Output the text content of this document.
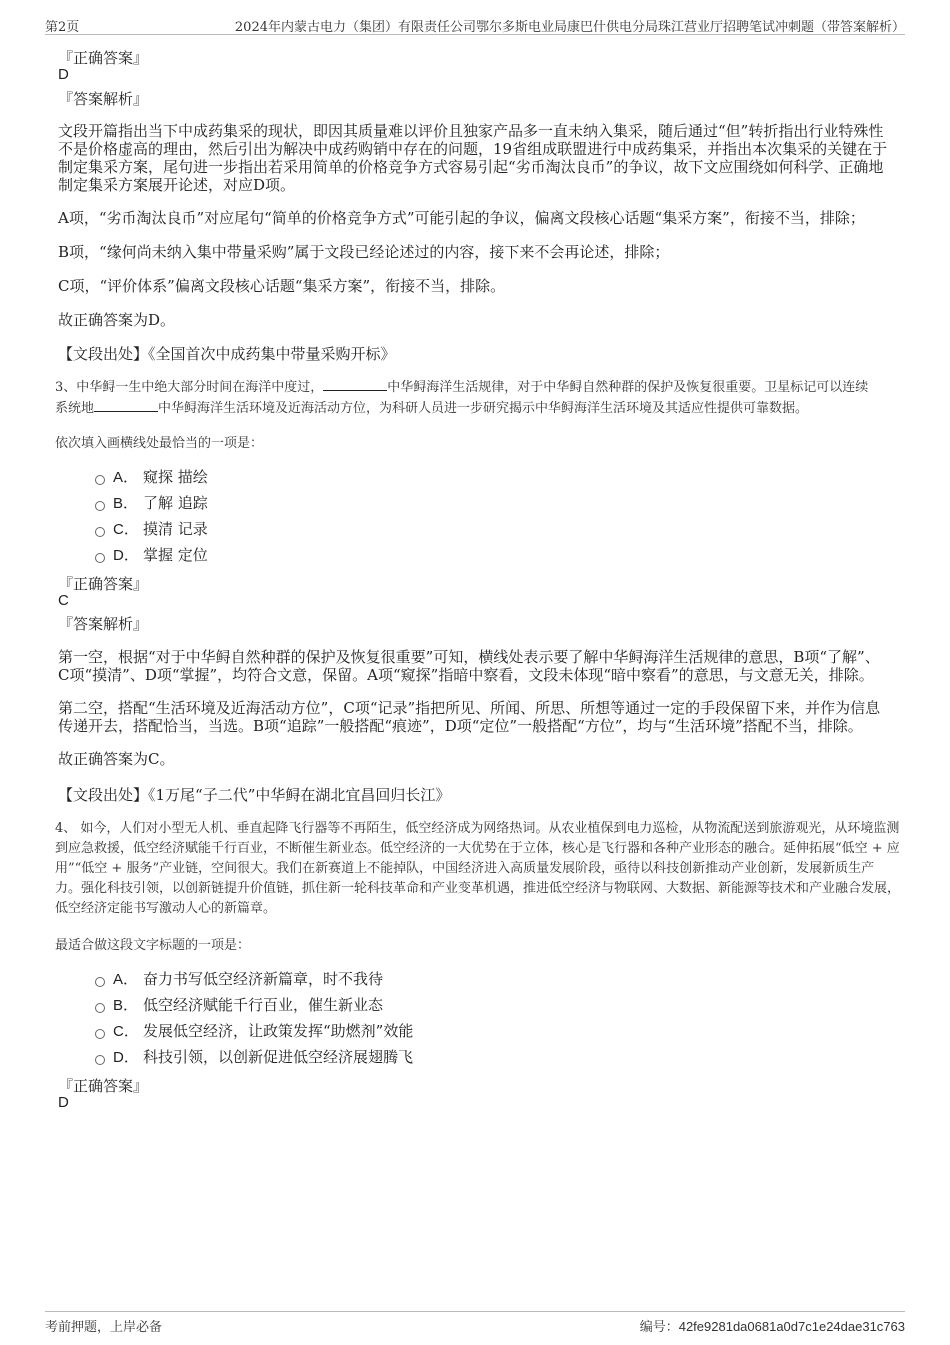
第2页	2024年内蒙古电力（集团）有限责任公司鄂尔多斯电业局康巴什供电分局珠江营业厅招聘笔试冲刺题（带答案解析）
『正确答案』
D
『答案解析』
文段开篇指出当下中成药集采的现状，即因其质量难以评价且独家产品多一直未纳入集采，随后通过“但”转折指出行业特殊性不是价格虚高的理由，然后引出为解决中成药购销中存在的问题，19省组成联盟进行中成药集采，并指出本次集采的关键在于制定集采方案，尾句进一步指出若采用简单的价格竞争方式容易引起“劣币淘汰良币”的争议，故下文应围绕如何科学、正确地制定集采方案展开论述，对应D项。
A项，“劣币淘汰良币”对应尾句“简单的价格竞争方式”可能引起的争议，偏离文段核心话题“集采方案”，衔接不当，排除；
B项，“缘何尚未纳入集中带量采购”属于文段已经论述过的内容，接下来不会再论述，排除；
C项，“评价体系”偏离文段核心话题“集采方案”，衔接不当，排除。
故正确答案为D。
【文段出处】《全国首次中成药集中带量采购开标》
3、中华鲟一生中绝大部分时间在海洋中度过，	中华鲟海洋生活规律，对于中华鲟自然种群的保护及恢复很重要。卫星标记可以连续
系统地	中华鲟海洋生活环境及近海活动方位，为科研人员进一步研究揭示中华鲟海洋生活环境及其适应性提供可靠数据。
依次填入画横线处最恰当的一项是：
A． 窥探 描绘
B． 了解 追踪
C． 摸清 记录
D． 掌握 定位
『正确答案』
C
『答案解析』
第一空，根据“对于中华鲟自然种群的保护及恢复很重要”可知，横线处表示要了解中华鲟海洋生活规律的意思，B项“了解”、C项“摸清”、D项“掌握”，均符合文意，保留。A项“窥探”指暗中察看，文段未体现“暗中察看”的意思，与文意无关，排除。
第二空，搭配“生活环境及近海活动方位”，C项“记录”指把所见、所闻、所思、所想等通过一定的手段保留下来，并作为信息传递开去，搭配恰当，当选。B项“追踪”一般搭配“痕迹”，D项“定位”一般搭配“方位”，均与“生活环境”搭配不当，排除。
故正确答案为C。
【文段出处】《1万尾“子二代”中华鲟在湖北宜昌回归长江》
4、 如今，人们对小型无人机、垂直起降飞行器等不再陌生，低空经济成为网络热词。从农业植保到电力巡检，从物流配送到旅游观光，从环境监测到应急救援，低空经济赋能千行百业，不断催生新业态。低空经济的一大优势在于立体，核心是飞行器和各种产业形态的融合。延伸拓展“低空 + 应用”“低空 + 服务”产业链，空间很大。我们在新赛道上不能掉队，中国经济进入高质量发展阶段，亟待以科技创新推动产业创新，发展新质生产力。强化科技引领，以创新链提升价值链，抓住新一轮科技革命和产业变革机遇，推进低空经济与物联网、大数据、新能源等技术和产业融合发展，低空经济定能书写激动人心的新篇章。
最适合做这段文字标题的一项是：
A． 奋力书写低空经济新篇章，时不我待
B． 低空经济赋能千行百业，催生新业态
C． 发展低空经济，让政策发挥“助燃剂”效能
D． 科技引领，以创新促进低空经济展翅腾飞
『正确答案』
D
考前押题，上岸必备	编号：42fe9281da0681a0d7c1e24dae31c763
